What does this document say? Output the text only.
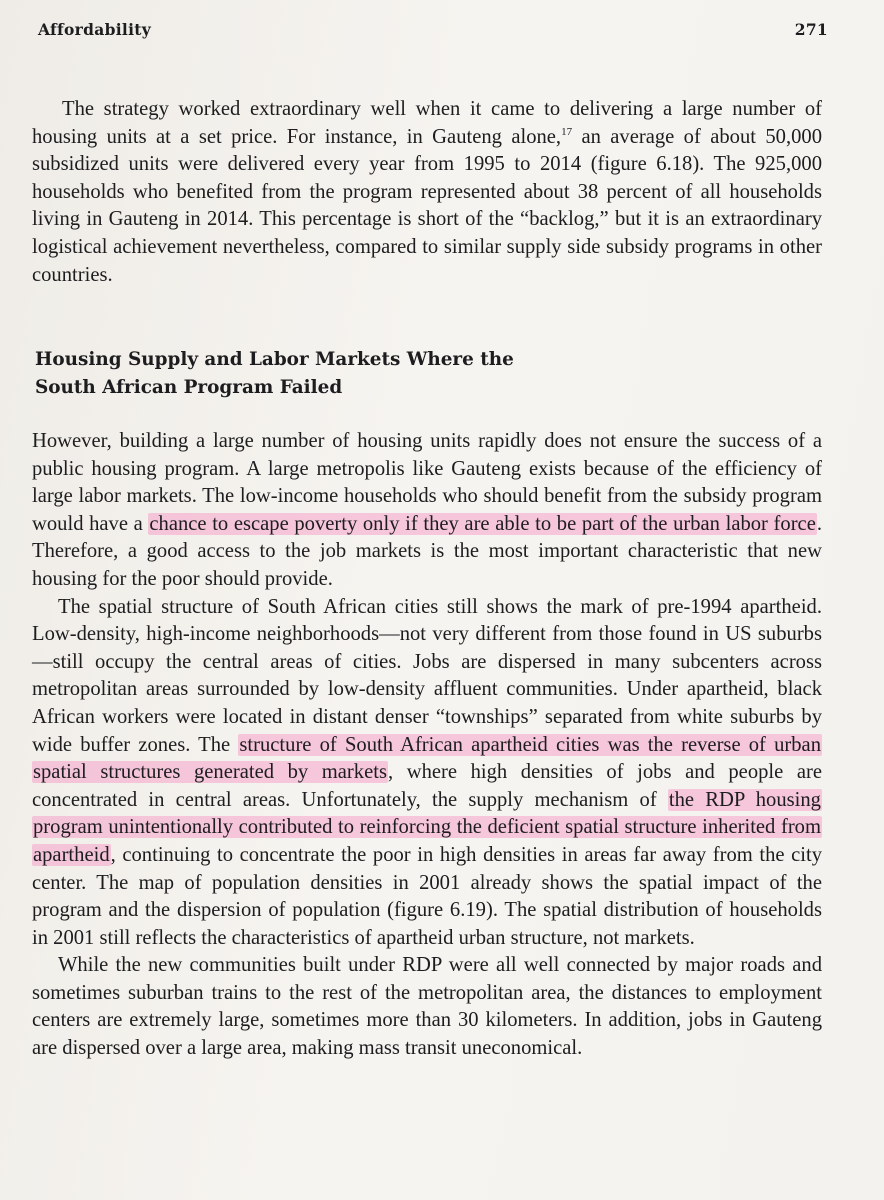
Affordability	271

The strategy worked extraordinary well when it came to delivering a large number of housing units at a set price. For instance, in Gauteng alone,$^{17}$ an average of about 50,000 subsidized units were delivered every year from 1995 to 2014 (figure 6.18). The 925,000 households who benefited from the program represented about 38 percent of all households living in Gauteng in 2014. This percentage is short of the “backlog,” but it is an extraordinary logistical achievement nevertheless, compared to similar supply side subsidy programs in other countries.

Housing Supply and Labor Markets Where the
South African Program Failed

However, building a large number of housing units rapidly does not ensure the success of a public housing program. A large metropolis like Gauteng exists because of the efficiency of large labor markets. The low-income households who should benefit from the subsidy program would have a chance to escape poverty only if they are able to be part of the urban labor force. Therefore, a good access to the job markets is the most important characteristic that new housing for the poor should provide.

The spatial structure of South African cities still shows the mark of pre-1994 apartheid. Low-density, high-income neighborhoods—not very different from those found in US suburbs—still occupy the central areas of cities. Jobs are dispersed in many subcenters across metropolitan areas surrounded by low-density affluent communities. Under apartheid, black African workers were located in distant denser “townships” separated from white suburbs by wide buffer zones. The structure of South African apartheid cities was the reverse of urban spatial structures generated by markets, where high densities of jobs and people are concentrated in central areas. Unfortunately, the supply mechanism of the RDP housing program unintentionally contributed to reinforcing the deficient spatial structure inherited from apartheid, continuing to concentrate the poor in high densities in areas far away from the city center. The map of population densities in 2001 already shows the spatial impact of the program and the dispersion of population (figure 6.19). The spatial distribution of households in 2001 still reflects the characteristics of apartheid urban structure, not markets.

While the new communities built under RDP were all well connected by major roads and sometimes suburban trains to the rest of the metropolitan area, the distances to employment centers are extremely large, sometimes more than 30 kilometers. In addition, jobs in Gauteng are dispersed over a large area, making mass transit uneconomical.
